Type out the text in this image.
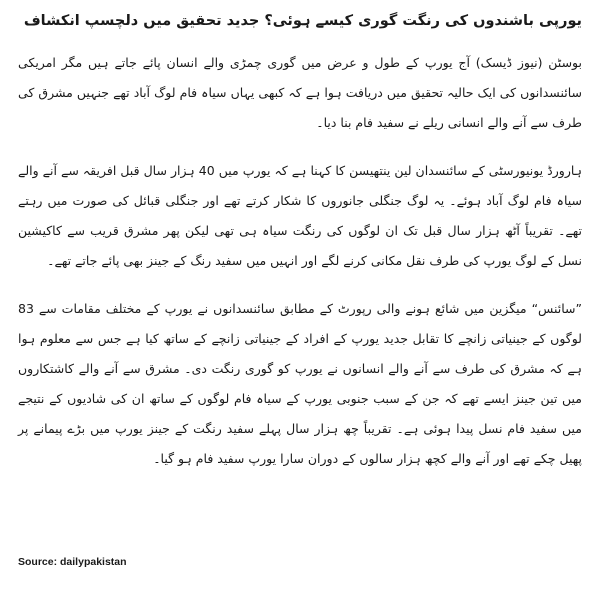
یورپی باشندوں کی رنگت گوری کیسے ہوئی؟ جدید تحقیق میں دلچسپ انکشاف

بوسٹن (نیوز ڈیسک) آج یورپ کے طول و عرض میں گوری چمڑی والے انسان پائے جاتے ہیں مگر امریکی سائنسدانوں کی ایک حالیہ تحقیق میں دریافت ہوا ہے کہ کبھی یہاں سیاہ فام لوگ آباد تھے جنہیں مشرق کی طرف سے آنے والے انسانی ریلے نے سفید فام بنا دیا۔

ہارورڈ یونیورسٹی کے سائنسدان لین ینتھیسن کا کہنا ہے کہ یورپ میں 40 ہزار سال قبل افریقہ سے آنے والے سیاہ فام لوگ آباد ہوئے۔ یہ لوگ جنگلی جانوروں کا شکار کرتے تھے اور جنگلی قبائل کی صورت میں رہتے تھے۔ تقریباً آٹھ ہزار سال قبل تک ان لوگوں کی رنگت سیاہ ہی تھی لیکن پھر مشرق قریب سے کاکیشین نسل کے لوگ یورپ کی طرف نقل مکانی کرنے لگے اور انہیں میں سفید رنگ کے جینز بھی پائے جاتے تھے۔

”سائنس“ میگزین میں شائع ہونے والی رپورٹ کے مطابق سائنسدانوں نے یورپ کے مختلف مقامات سے 83 لوگوں کے جینیاتی زانچے کا تقابل جدید یورپ کے افراد کے جینیاتی زانچے کے ساتھ کیا ہے جس سے معلوم ہوا ہے کہ مشرق کی طرف سے آنے والے انسانوں نے یورپ کو گوری رنگت دی۔ مشرق سے آنے والے کاشتکاروں میں تین جینز ایسے تھے کہ جن کے سبب جنوبی یورپ کے سیاہ فام لوگوں کے ساتھ ان کی شادیوں کے نتیجے میں سفید فام نسل پیدا ہوئی ہے۔ تقریباً چھ ہزار سال پہلے سفید رنگت کے جینز یورپ میں بڑے پیمانے پر پھیل چکے تھے اور آنے والے کچھ ہزار سالوں کے دوران سارا یورپ سفید فام ہو گیا۔

Source: dailypakistan
